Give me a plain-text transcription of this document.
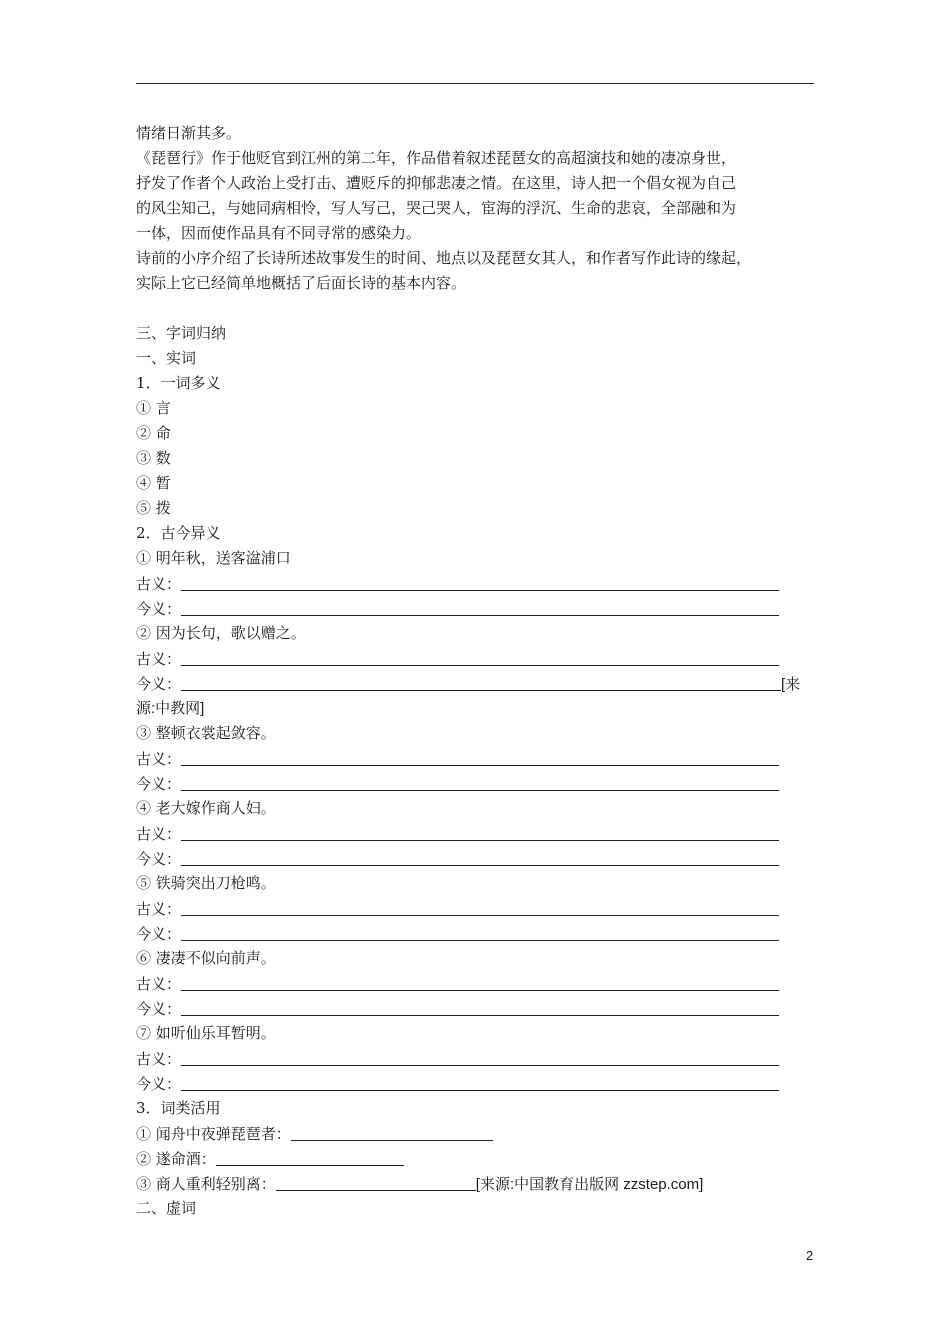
情绪日渐其多。
《琵琶行》作于他贬官到江州的第二年，作品借着叙述琵琶女的高超演技和她的凄凉身世，
抒发了作者个人政治上受打击、遭贬斥的抑郁悲凄之情。在这里，诗人把一个倡女视为自己
的风尘知己，与她同病相怜，写人写己，哭己哭人，宦海的浮沉、生命的悲哀，全部融和为
一体，因而使作品具有不同寻常的感染力。
诗前的小序介绍了长诗所述故事发生的时间、地点以及琵琶女其人，和作者写作此诗的缘起，
实际上它已经简单地概括了后面长诗的基本内容。
三、字词归纳
一、实词
1．一词多义
① 言
② 命
③ 数
④ 暂
⑤ 拨
2．古今异义
① 明年秋，送客湓浦口
古义：
今义：
② 因为长句，歌以赠之。
古义：
今义：	[来
源:中教网]
③ 整顿衣裳起敛容。
古义：
今义：
④ 老大嫁作商人妇。
古义：
今义：
⑤ 铁骑突出刀枪鸣。
古义：
今义：
⑥ 凄凄不似向前声。
古义：
今义：
⑦ 如听仙乐耳暂明。
古义：
今义：
3．词类活用
① 闻舟中夜弹琵琶者：
② 遂命酒：
③ 商人重利轻别离：	[来源:中国教育出版网 zzstep.com]
二、虚词
2
